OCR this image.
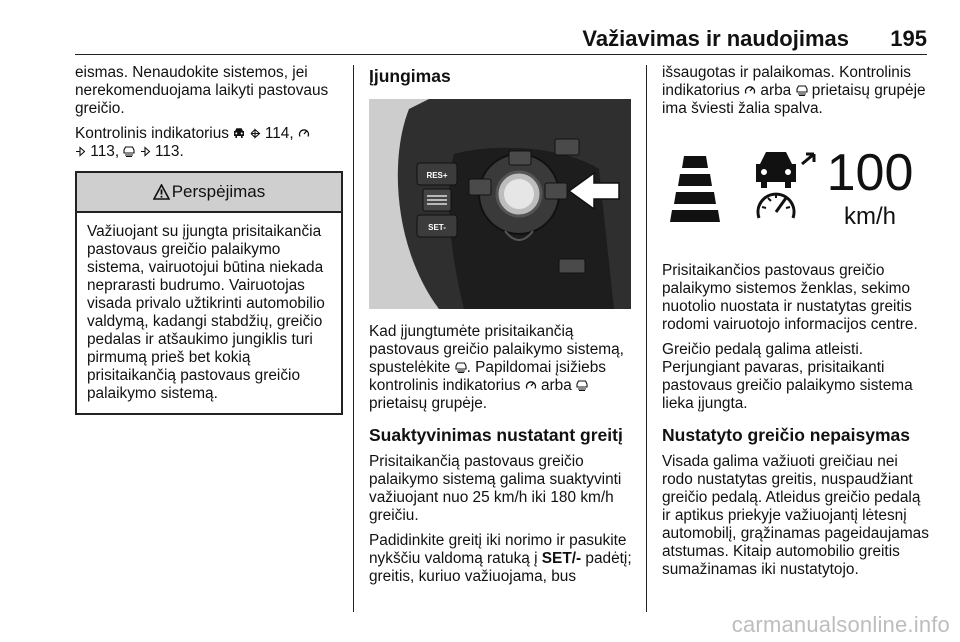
Važiavimas ir naudojimas 195

eismas. Nenaudokite sistemos, jei nerekomenduojama laikyti pastovaus greičio.

Kontrolinis indikatorius
114,

113,
113.

Perspėjimas
Važiuojant su įjungta prisitaikančia pastovaus greičio palaikymo sistema, vairuotojui būtina niekada neprarasti budrumo. Vairuotojas visada privalo užtikrinti automobilio valdymą, kadangi stabdžių, greičio pedalas ir atšaukimo jungiklis turi pirmumą prieš bet kokią prisitaikančią pastovaus greičio palaikymo sistemą.
Įjungimas
RES+
SET-

Kad įjungtumėte prisitaikančią pastovaus greičio palaikymo sistemą, spustelėkite . Papildomai įsižiebs kontrolinis indikatorius arba
prietaisų grupėje.

Suaktyvinimas nustatant greitį

Prisitaikančią pastovaus greičio palaikymo sistemą galima suaktyvinti važiuojant nuo 25 km/h iki 180 km/h greičiu.

Padidinkite greitį iki norimo ir pasukite nykščiu valdomą ratuką į SET/- padėtį; greitis, kuriuo važiuojama, bus

išsaugotas ir palaikomas. Kontrolinis indikatorius arba prietaisų grupėje ima šviesti žalia spalva.

100
km/h

Prisitaikančios pastovaus greičio palaikymo sistemos ženklas, sekimo nuotolio nuostata ir nustatytas greitis rodomi vairuotojo informacijos centre.

Greičio pedalą galima atleisti. Perjungiant pavaras, prisitaikanti pastovaus greičio palaikymo sistema lieka įjungta.

Nustatyto greičio nepaisymas

Visada galima važiuoti greičiau nei rodo nustatytas greitis, nuspaudžiant greičio pedalą. Atleidus greičio pedalą ir aptikus priekyje važiuojantį lėtesnį automobilį, grąžinamas pageidaujamas atstumas. Kitaip automobilio greitis sumažinamas iki nustatytojo.

carmanualsonline.info
